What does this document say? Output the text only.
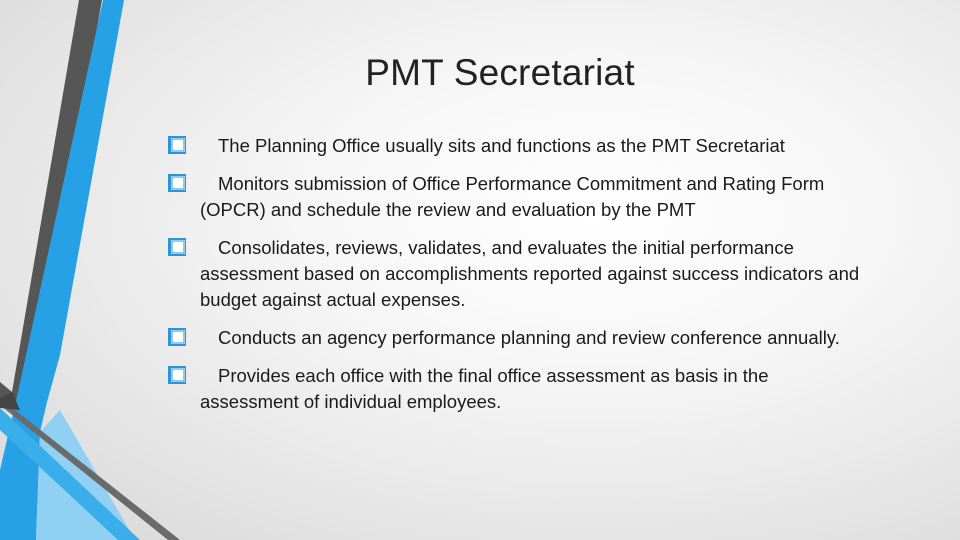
PMT Secretariat
The Planning Office usually sits and functions as the PMT Secretariat
Monitors submission of Office Performance Commitment and Rating Form (OPCR) and schedule the review and evaluation by the PMT
Consolidates, reviews, validates, and evaluates the initial performance assessment based on accomplishments reported against success indicators and budget against actual expenses.
Conducts an agency performance planning and review conference annually.
Provides each office with the final office assessment as basis in the assessment of individual employees.
